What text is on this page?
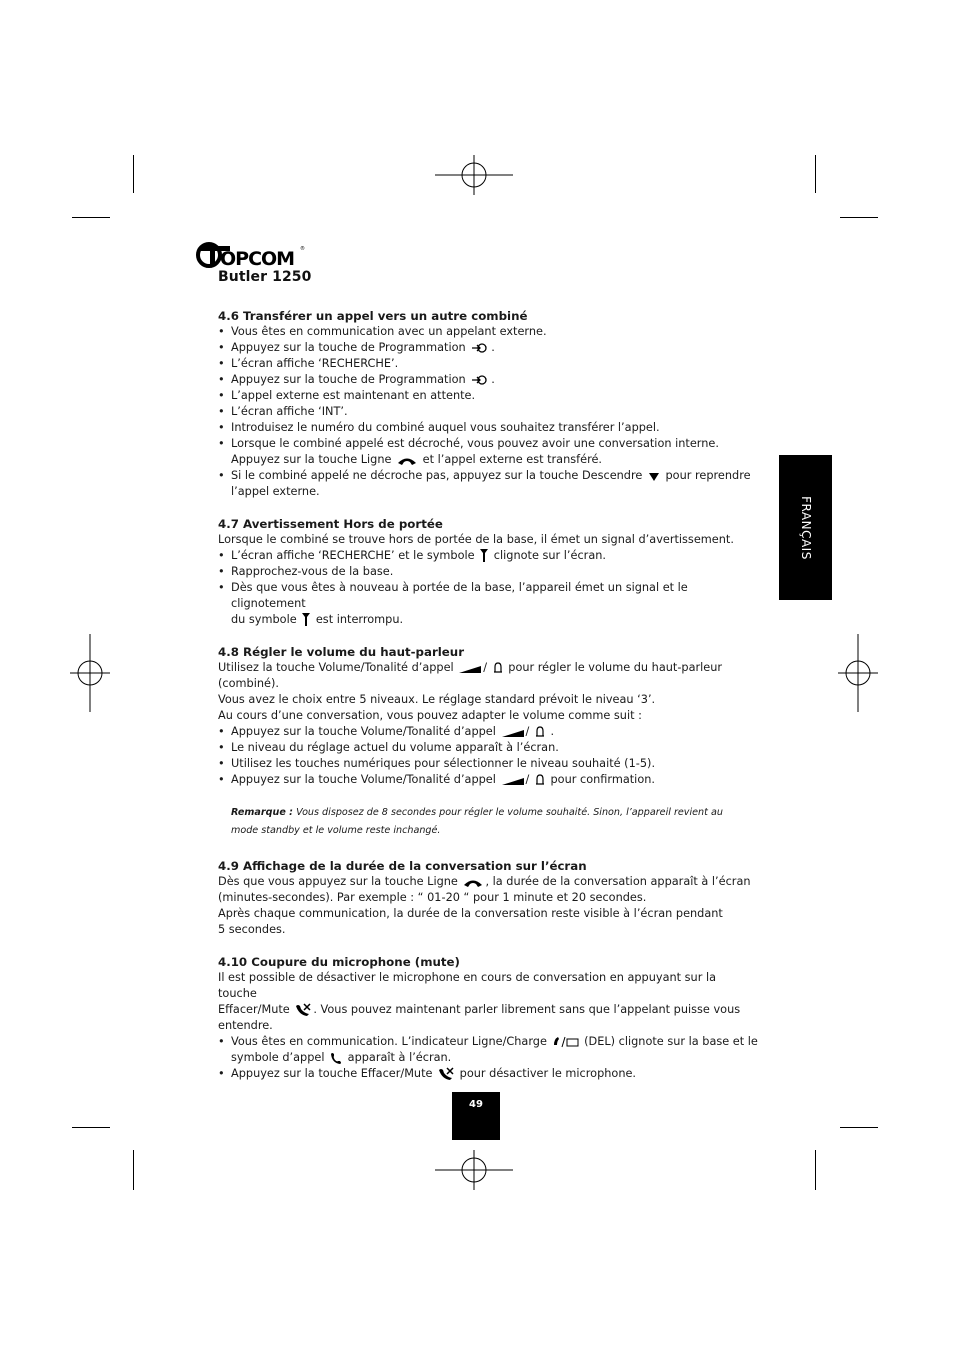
OPCOM ®
Butler 1250
FRANÇAIS
49
4.6 Transférer un appel vers un autre combiné
• Vous êtes en communication avec un appelant externe.
• Appuyez sur la touche de Programmation .
• L’écran affiche ‘RECHERCHE’.
• Appuyez sur la touche de Programmation .
• L’appel externe est maintenant en attente.
• L’écran affiche ‘INT’.
• Introduisez le numéro du combiné auquel vous souhaitez transférer l’appel.
• Lorsque le combiné appelé est décroché, vous pouvez avoir une conversation interne.
Appuyez sur la touche Ligne	et l’appel externe est transféré.
• Si le combiné appelé ne décroche pas, appuyez sur la touche Descendre pour reprendre
l’appel externe.
4.7 Avertissement Hors de portée

Lorsque le combiné se trouve hors de portée de la base, il émet un signal d’avertissement.

• L’écran affiche ‘RECHERCHE’ et le symbole clignote sur l’écran.
• Rapprochez-vous de la base.
• Dès que vous êtes à nouveau à portée de la base, l’appareil émet un signal et le clignotement
du symbole est interrompu.
4.8 Régler le volume du haut-parleur

Utilisez la touche Volume/Tonalité d’appel	/ pour régler le volume du haut-parleur (combiné).

Vous avez le choix entre 5 niveaux. Le réglage standard prévoit le niveau ‘3’.

Au cours d’une conversation, vous pouvez adapter le volume comme suit :

• Appuyez sur la touche Volume/Tonalité d’appel	/ .
• Le niveau du réglage actuel du volume apparaît à l’écran.
• Utilisez les touches numériques pour sélectionner le niveau souhaité (1-5).
• Appuyez sur la touche Volume/Tonalité d’appel	/ pour confirmation.
Remarque : Vous disposez de 8 secondes pour régler le volume souhaité. Sinon, l’appareil revient au
mode standby et le volume reste inchangé.
4.9 Affichage de la durée de la conversation sur l’écran

Dès que vous appuyez sur la touche Ligne , la durée de la conversation apparaît à l’écran

(minutes-secondes). Par exemple : “ 01-20 “ pour 1 minute et 20 secondes.

Après chaque communication, la durée de la conversation reste visible à l’écran pendant

5 secondes.

4.10 Coupure du microphone (mute)

Il est possible de désactiver le microphone en cours de conversation en appuyant sur la touche

Effacer/Mute . Vous pouvez maintenant parler librement sans que l’appelant puisse vous

entendre.

• Vous êtes en communication. L’indicateur Ligne/Charge	(DEL) clignote sur la base et le
symbole d’appel apparaît à l’écran.
• Appuyez sur la touche Effacer/Mute pour désactiver le microphone.
